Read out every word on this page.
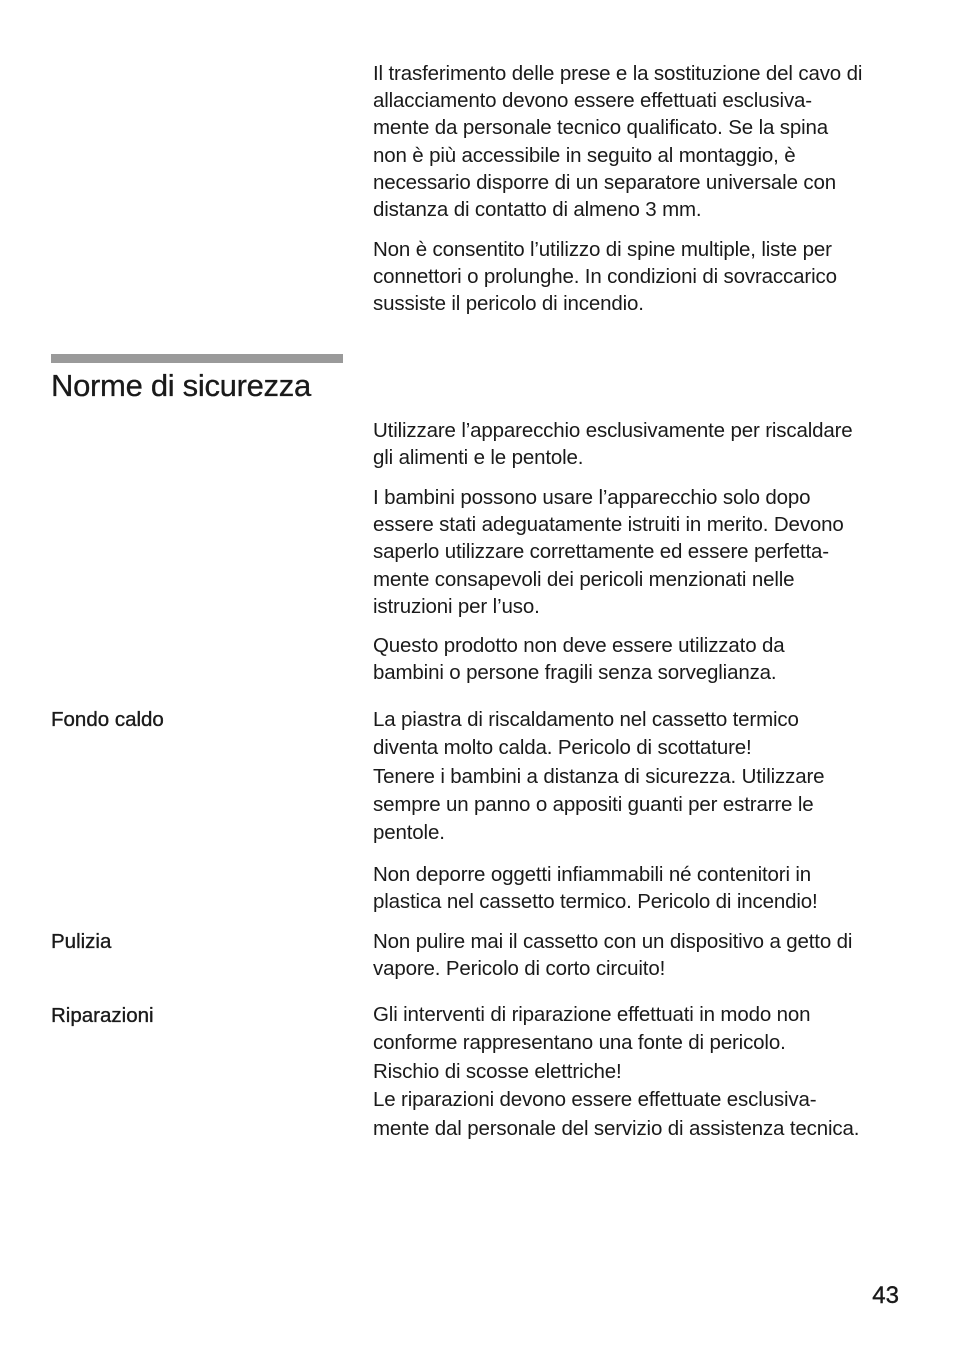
Il trasferimento delle prese e la sostituzione del cavo di
allacciamento devono essere effettuati esclusiva-
mente da personale tecnico qualificato. Se la spina
non è più accessibile in seguito al montaggio, è
necessario disporre di un separatore universale con
distanza di contatto di almeno 3 mm.

Non è consentito l’utilizzo di spine multiple, liste per
connettori o prolunghe. In condizioni di sovraccarico
sussiste il pericolo di incendio.

Norme di sicurezza

Utilizzare l’apparecchio esclusivamente per riscaldare
gli alimenti e le pentole.

I bambini possono usare l’apparecchio solo dopo
essere stati adeguatamente istruiti in merito. Devono
saperlo utilizzare correttamente ed essere perfetta-
mente consapevoli dei pericoli menzionati nelle
istruzioni per l’uso.

Questo prodotto non deve essere utilizzato da
bambini o persone fragili senza sorveglianza.

Fondo caldo	La piastra di riscaldamento nel cassetto termico
diventa molto calda. Pericolo di scottature!
Tenere i bambini a distanza di sicurezza. Utilizzare
sempre un panno o appositi guanti per estrarre le
pentole.

Non deporre oggetti infiammabili né contenitori in
plastica nel cassetto termico. Pericolo di incendio!

Pulizia	Non pulire mai il cassetto con un dispositivo a getto di
vapore. Pericolo di corto circuito!

Riparazioni	Gli interventi di riparazione effettuati in modo non
conforme rappresentano una fonte di pericolo.
Rischio di scosse elettriche!
Le riparazioni devono essere effettuate esclusiva-
mente dal personale del servizio di assistenza tecnica.

43
